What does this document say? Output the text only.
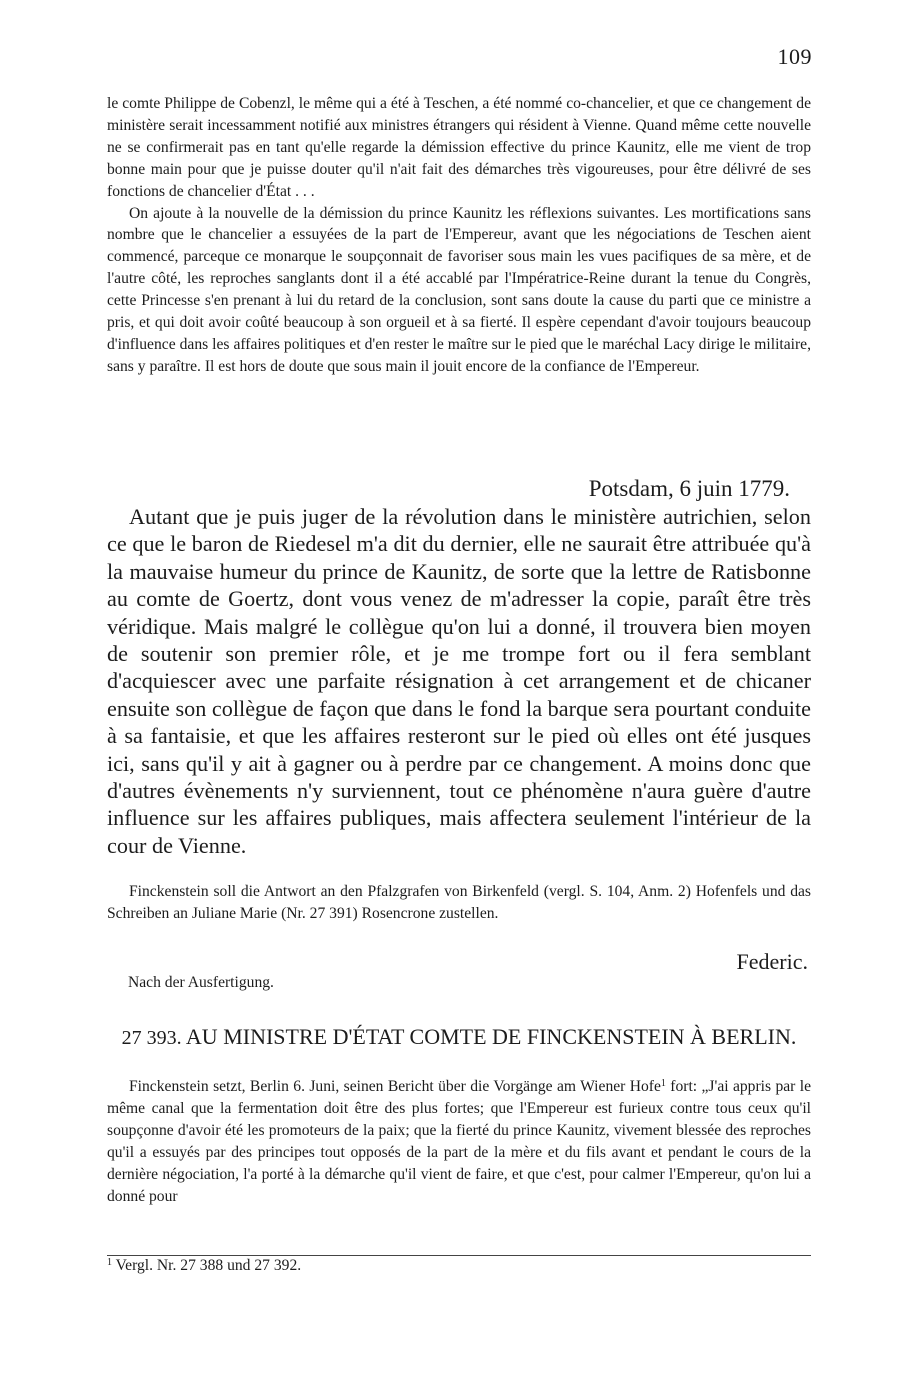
109

le comte Philippe de Cobenzl, le même qui a été à Teschen, a été nommé co-chancelier, et que ce changement de ministère serait incessamment notifié aux ministres étrangers qui résident à Vienne. Quand même cette nouvelle ne se confirmerait pas en tant qu'elle regarde la démission effective du prince Kaunitz, elle me vient de trop bonne main pour que je puisse douter qu'il n'ait fait des démarches très vigoureuses, pour être délivré de ses fonctions de chancelier d'État . . .

On ajoute à la nouvelle de la démission du prince Kaunitz les réflexions suivantes. Les mortifications sans nombre que le chancelier a essuyées de la part de l'Empereur, avant que les négociations de Teschen aient commencé, parceque ce monarque le soupçonnait de favoriser sous main les vues pacifiques de sa mère, et de l'autre côté, les reproches sanglants dont il a été accablé par l'Impératrice-Reine durant la tenue du Congrès, cette Princesse s'en prenant à lui du retard de la conclusion, sont sans doute la cause du parti que ce ministre a pris, et qui doit avoir coûté beaucoup à son orgueil et à sa fierté. Il espère cependant d'avoir toujours beaucoup d'influence dans les affaires politiques et d'en rester le maître sur le pied que le maréchal Lacy dirige le militaire, sans y paraître. Il est hors de doute que sous main il jouit encore de la confiance de l'Empereur.

Potsdam, 6 juin 1779.

Autant que je puis juger de la révolution dans le ministère autrichien, selon ce que le baron de Riedesel m'a dit du dernier, elle ne saurait être attribuée qu'à la mauvaise humeur du prince de Kaunitz, de sorte que la lettre de Ratisbonne au comte de Goertz, dont vous venez de m'adresser la copie, paraît être très véridique. Mais malgré le collègue qu'on lui a donné, il trouvera bien moyen de soutenir son premier rôle, et je me trompe fort ou il fera semblant d'acquiescer avec une parfaite résignation à cet arrangement et de chicaner ensuite son collègue de façon que dans le fond la barque sera pourtant conduite à sa fantaisie, et que les affaires resteront sur le pied où elles ont été jusques ici, sans qu'il y ait à gagner ou à perdre par ce changement. A moins donc que d'autres évènements n'y surviennent, tout ce phénomène n'aura guère d'autre influence sur les affaires publiques, mais affectera seulement l'intérieur de la cour de Vienne.

Finckenstein soll die Antwort an den Pfalzgrafen von Birkenfeld (vergl. S. 104, Anm. 2) Hofenfels und das Schreiben an Juliane Marie (Nr. 27 391) Rosencrone zustellen.

Federic.
Nach der Ausfertigung.
27 393. AU MINISTRE D'ÉTAT COMTE DE FINCKENSTEIN À BERLIN.

Finckenstein setzt, Berlin 6. Juni, seinen Bericht über die Vorgänge am Wiener Hofe$^1$ fort: „J'ai appris par le même canal que la fermentation doit être des plus fortes; que l'Empereur est furieux contre tous ceux qu'il soupçonne d'avoir été les promoteurs de la paix; que la fierté du prince Kaunitz, vivement blessée des reproches qu'il a essuyés par des principes tout opposés de la part de la mère et du fils avant et pendant le cours de la dernière négociation, l'a porté à la démarche qu'il vient de faire, et que c'est, pour calmer l'Empereur, qu'on lui a donné pour

$^1$ Vergl. Nr. 27 388 und 27 392.
